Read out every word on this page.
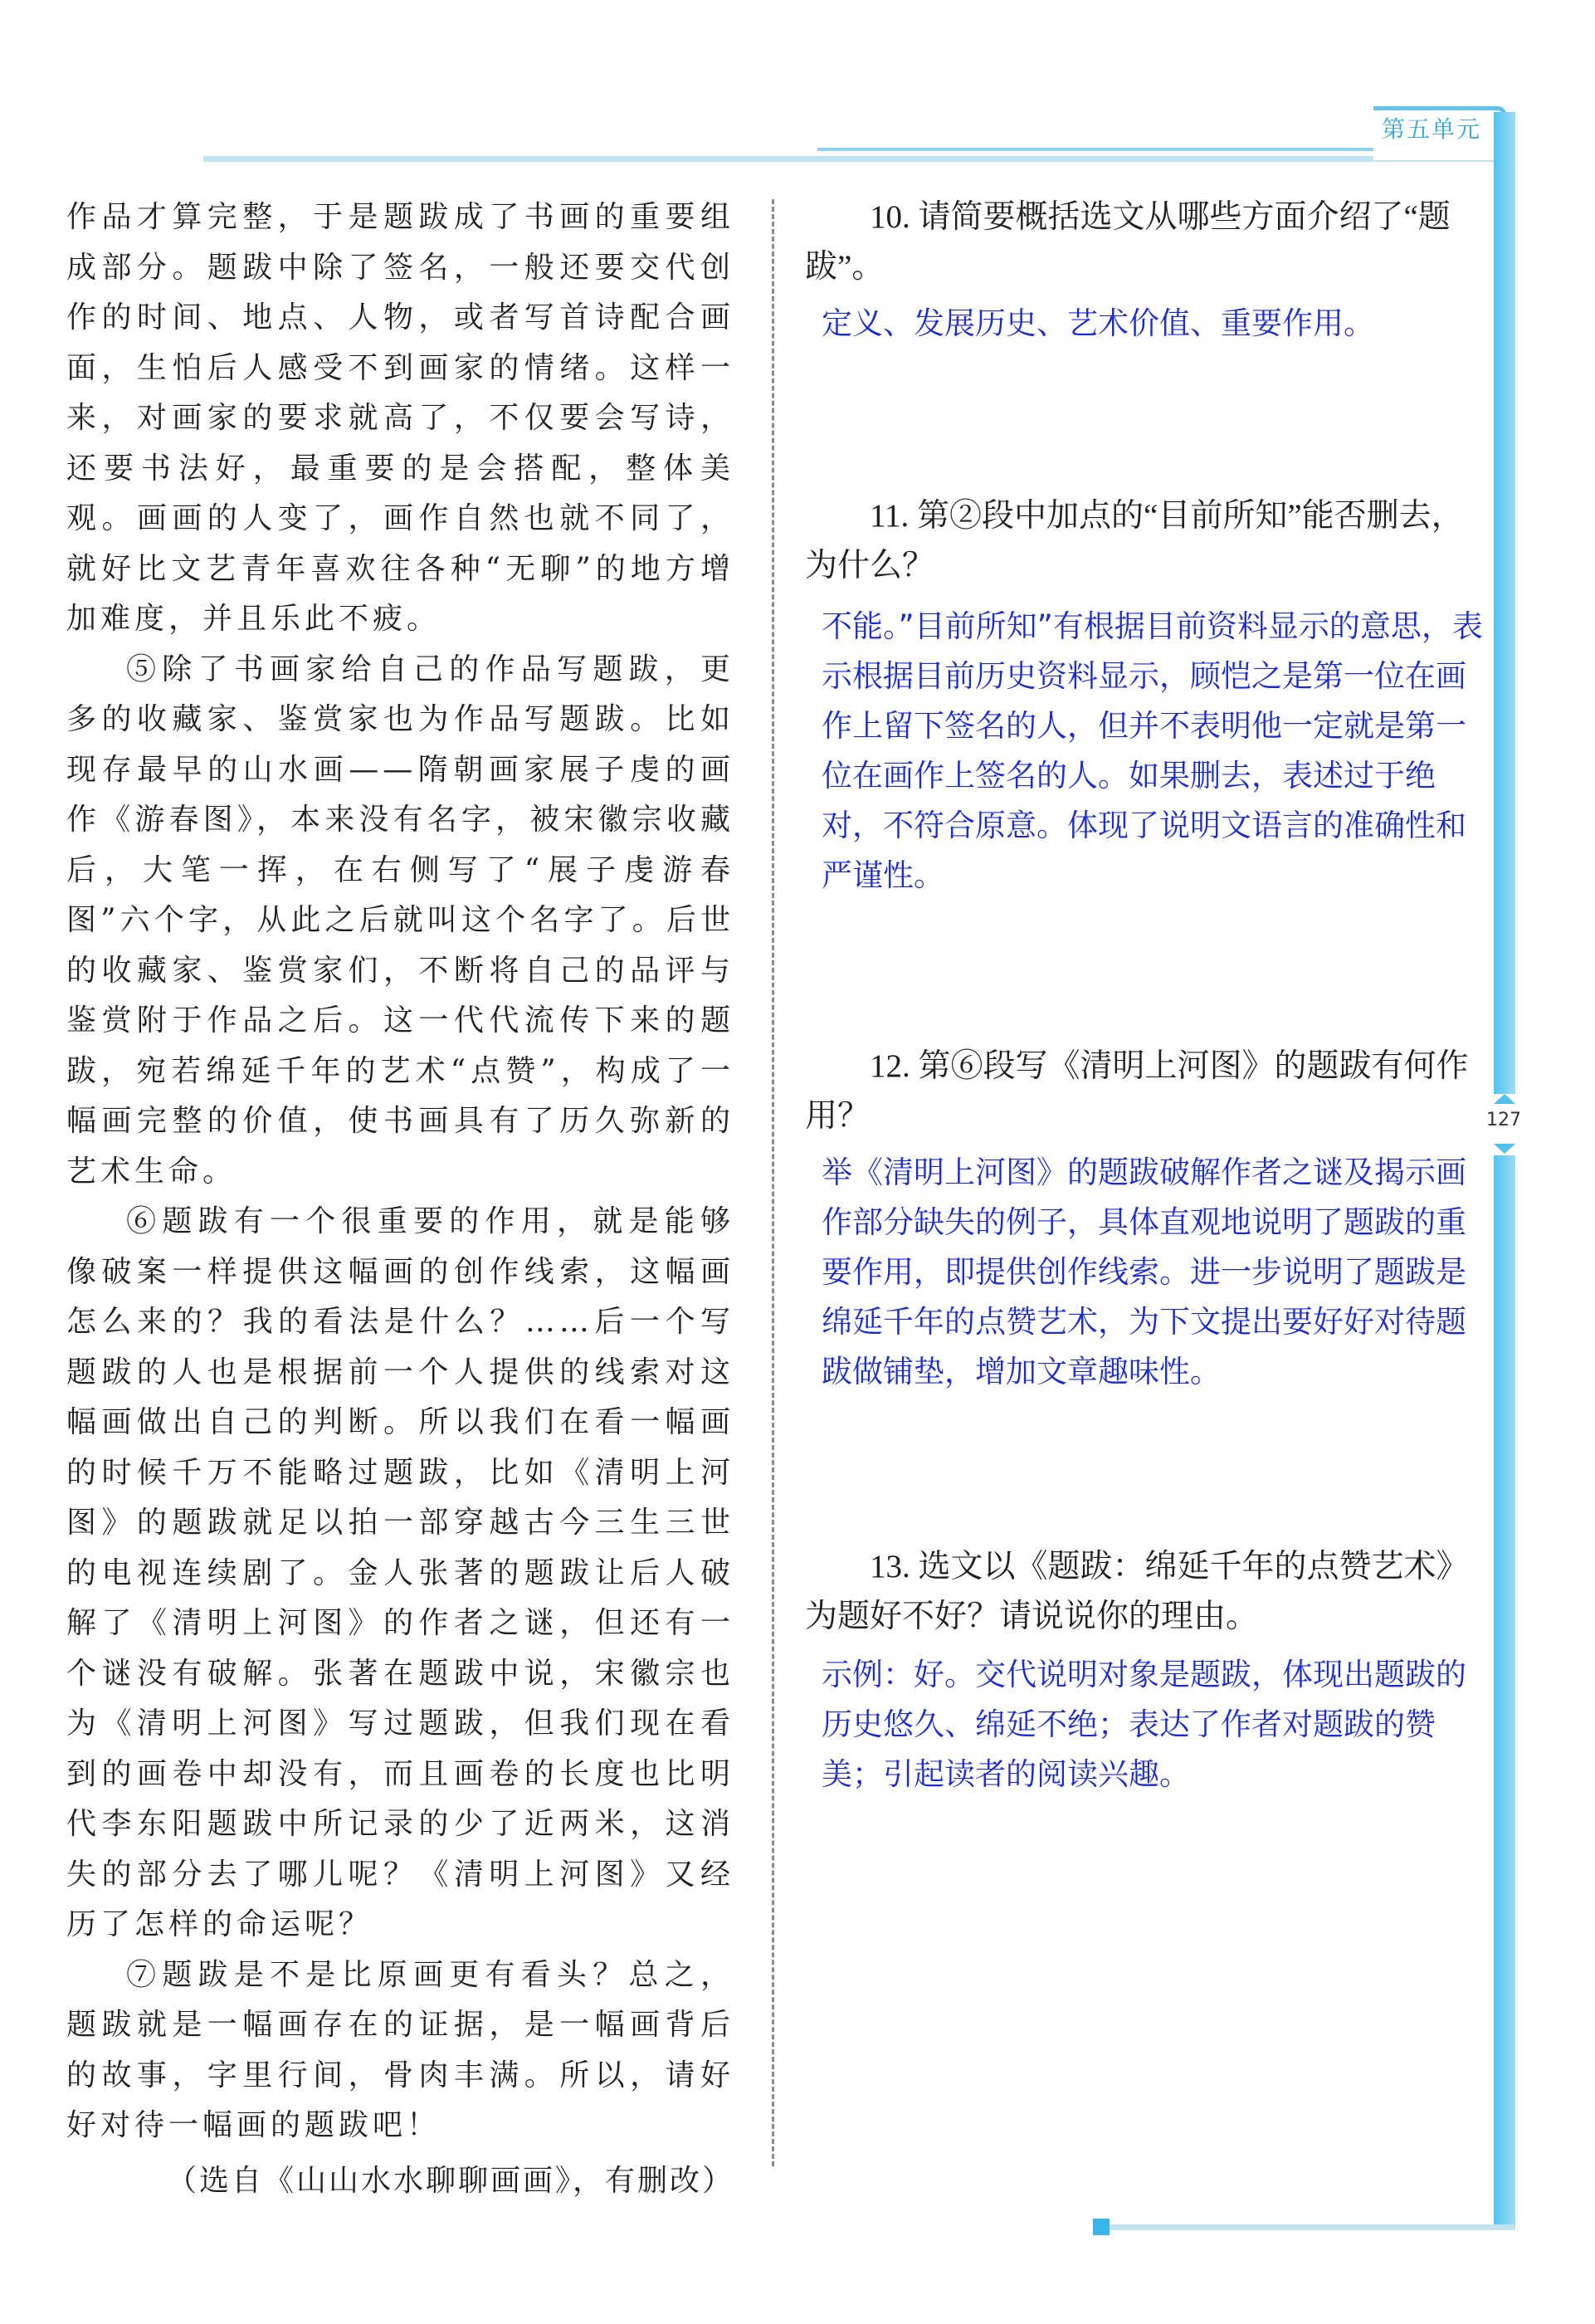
第五单元
127

作品才算完整，于是题跋成了书画的重要组成部分。题跋中除了签名，一般还要交代创作的时间、地点、人物，或者写首诗配合画面，生怕后人感受不到画家的情绪。这样一来，对画家的要求就高了，不仅要会写诗，还要书法好，最重要的是会搭配，整体美观。画画的人变了，画作自然也就不同了，就好比文艺青年喜欢往各种“无聊”的地方增加难度，并且乐此不疲。

⑤除了书画家给自己的作品写题跋，更多的收藏家、鉴赏家也为作品写题跋。比如现存最早的山水画——隋朝画家展子虔的画作《游春图》，本来没有名字，被宋徽宗收藏后，大笔一挥，在右侧写了“展子虔游春图”六个字，从此之后就叫这个名字了。后世的收藏家、鉴赏家们，不断将自己的品评与鉴赏附于作品之后。这一代代流传下来的题跋，宛若绵延千年的艺术“点赞”，构成了一幅画完整的价值，使书画具有了历久弥新的艺术生命。

⑥题跋有一个很重要的作用，就是能够像破案一样提供这幅画的创作线索，这幅画怎么来的？我的看法是什么？……后一个写题跋的人也是根据前一个人提供的线索对这幅画做出自己的判断。所以我们在看一幅画的时候千万不能略过题跋，比如《清明上河图》的题跋就足以拍一部穿越古今三生三世的电视连续剧了。金人张著的题跋让后人破解了《清明上河图》的作者之谜，但还有一个谜没有破解。张著在题跋中说，宋徽宗也为《清明上河图》写过题跋，但我们现在看到的画卷中却没有，而且画卷的长度也比明代李东阳题跋中所记录的少了近两米，这消失的部分去了哪儿呢？《清明上河图》又经历了怎样的命运呢？

⑦题跋是不是比原画更有看头？总之，题跋就是一幅画存在的证据，是一幅画背后的故事，字里行间，骨肉丰满。所以，请好好对待一幅画的题跋吧！

（选自《山山水水聊聊画画》，有删改）

10. 请简要概括选文从哪些方面介绍了“题跋”。

定义、发展历史、艺术价值、重要作用。

11. 第②段中加点的“目前所知”能否删去，为什么？

不能。”目前所知”有根据目前资料显示的意思，表示根据目前历史资料显示，顾恺之是第一位在画作上留下签名的人，但并不表明他一定就是第一位在画作上签名的人。如果删去，表述过于绝对，不符合原意。体现了说明文语言的准确性和严谨性。

12. 第⑥段写《清明上河图》的题跋有何作用？

举《清明上河图》的题跋破解作者之谜及揭示画作部分缺失的例子，具体直观地说明了题跋的重要作用，即提供创作线索。进一步说明了题跋是绵延千年的点赞艺术，为下文提出要好好对待题跋做铺垫，增加文章趣味性。

13. 选文以《题跋：绵延千年的点赞艺术》为题好不好？请说说你的理由。

示例：好。交代说明对象是题跋，体现出题跋的历史悠久、绵延不绝；表达了作者对题跋的赞美；引起读者的阅读兴趣。
